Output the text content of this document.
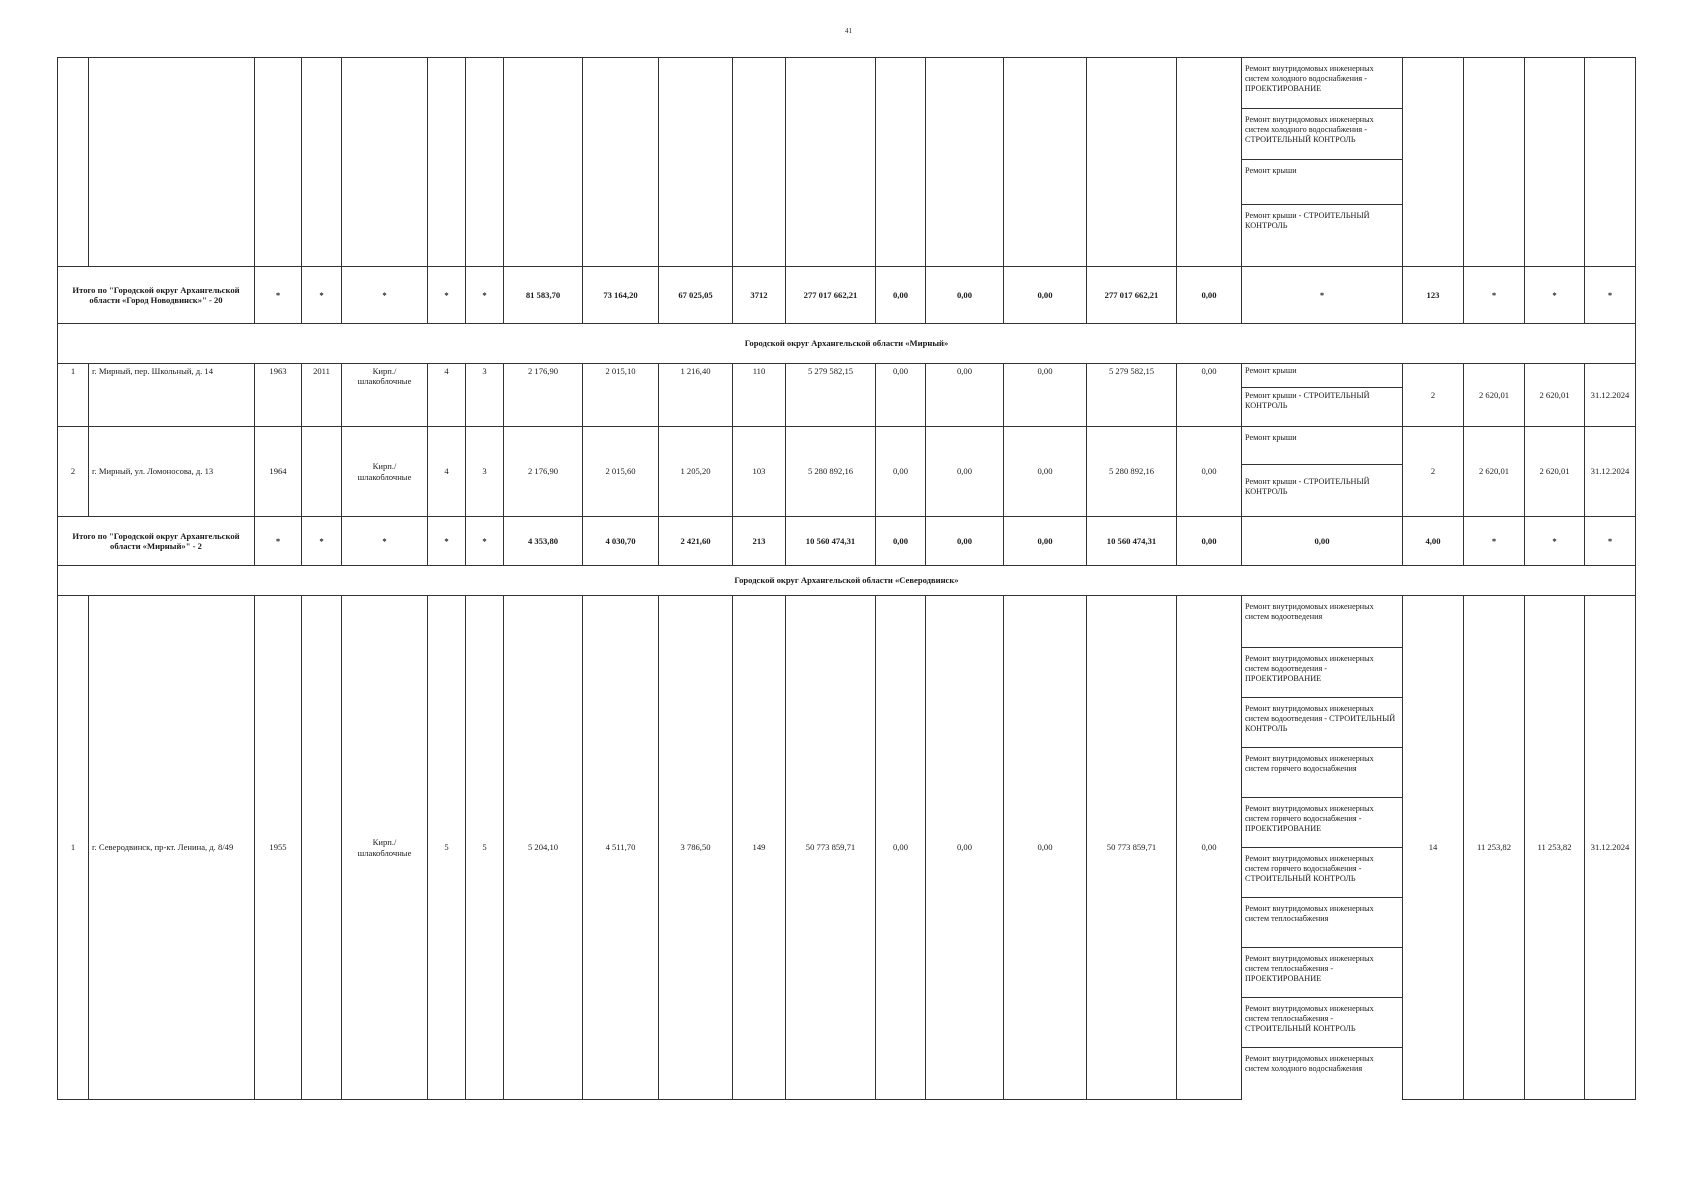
41
																	Ремонт внутридомовых инженерных систем холодного водоснабжения - ПРОЕКТИРОВАНИЕ				
																	Ремонт внутридомовых инженерных систем холодного водоснабжения - СТРОИТЕЛЬНЫЙ КОНТРОЛЬ				
																	Ремонт крыши				
																	Ремонт крыши - СТРОИТЕЛЬНЫЙ КОНТРОЛЬ				
Итого по "Городской округ Архангельской области «Город Новодвинск»" - 20		*	*	*	*	*	81 583,70	73 164,20	67 025,05	3712	277 017 662,21	0,00	0,00	0,00	277 017 662,21	0,00	*	123	*	*	*
Городской округ Архангельской области «Мирный»																					
1	г. Мирный, пер. Школьный, д. 14	1963	2011	Кирп./ шлакоблочные	4	3	2 176,90	2 015,10	1 216,40	110	5 279 582,15	0,00	0,00	0,00	5 279 582,15	0,00	Ремонт крыши	2	2 620,01	2 620,01	31.12.2024
																	Ремонт крыши - СТРОИТЕЛЬНЫЙ КОНТРОЛЬ				
2	г. Мирный, ул. Ломоносова, д. 13	1964		Кирп./ шлакоблочные	4	3	2 176,90	2 015,60	1 205,20	103	5 280 892,16	0,00	0,00	0,00	5 280 892,16	0,00	Ремонт крыши	2	2 620,01	2 620,01	31.12.2024
																	Ремонт крыши - СТРОИТЕЛЬНЫЙ КОНТРОЛЬ				
Итого по "Городской округ Архангельской области «Мирный»" - 2		*	*	*	*	*	4 353,80	4 030,70	2 421,60	213	10 560 474,31	0,00	0,00	0,00	10 560 474,31	0,00	0,00	4,00	*	*	*
Городской округ Архангельской области «Северодвинск»																					
1	г. Северодвинск, пр-кт. Ленина, д. 8/49	1955		Кирп./ шлакоблочные	5	5	5 204,10	4 511,70	3 786,50	149	50 773 859,71	0,00	0,00	0,00	50 773 859,71	0,00	Ремонт внутридомовых инженерных систем водоотведения	14	11 253,82	11 253,82	31.12.2024
																	Ремонт внутридомовых инженерных систем водоотведения - ПРОЕКТИРОВАНИЕ				
																	Ремонт внутридомовых инженерных систем водоотведения - СТРОИТЕЛЬНЫЙ КОНТРОЛЬ				
																	Ремонт внутридомовых инженерных систем горячего водоснабжения				
																	Ремонт внутридомовых инженерных систем горячего водоснабжения - ПРОЕКТИРОВАНИЕ				
																	Ремонт внутридомовых инженерных систем горячего водоснабжения - СТРОИТЕЛЬНЫЙ КОНТРОЛЬ				
																	Ремонт внутридомовых инженерных систем теплоснабжения				
																	Ремонт внутридомовых инженерных систем теплоснабжения - ПРОЕКТИРОВАНИЕ				
																	Ремонт внутридомовых инженерных систем теплоснабжения - СТРОИТЕЛЬНЫЙ КОНТРОЛЬ				
																	Ремонт внутридомовых инженерных систем холодного водоснабжения				
